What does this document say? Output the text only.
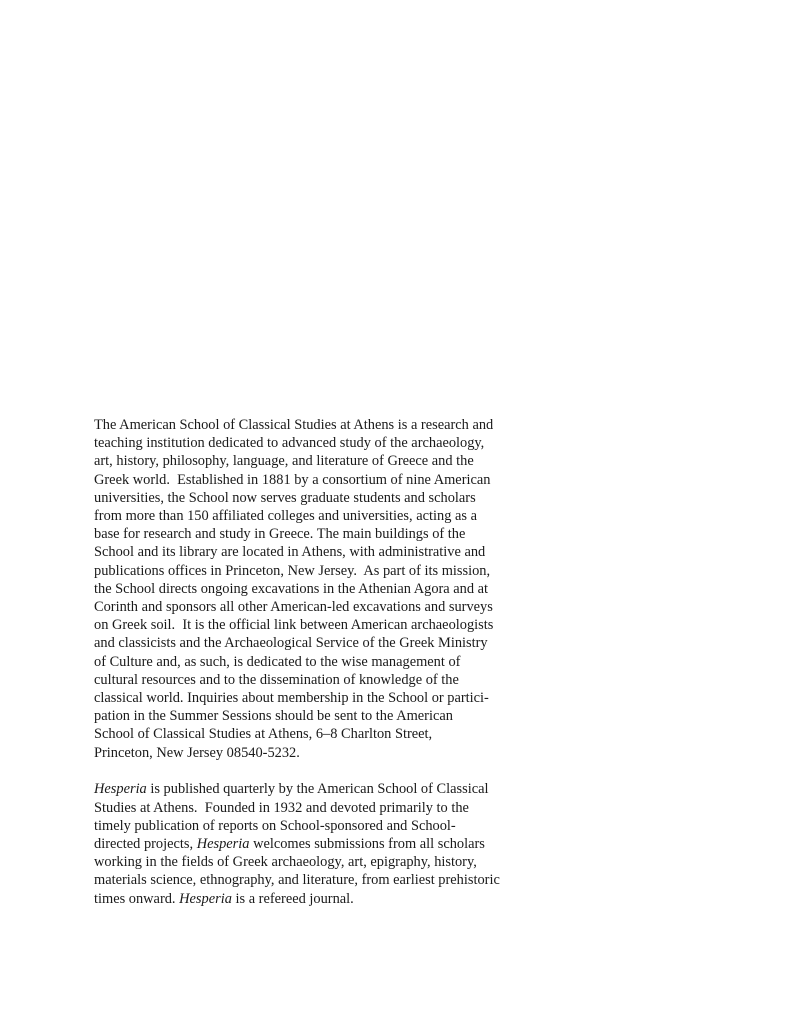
The American School of Classical Studies at Athens is a research and
teaching institution dedicated to advanced study of the archaeology,
art, history, philosophy, language, and literature of Greece and the
Greek world.  Established in 1881 by a consortium of nine American
universities, the School now serves graduate students and scholars
from more than 150 affiliated colleges and universities, acting as a
base for research and study in Greece. The main buildings of the
School and its library are located in Athens, with administrative and
publications offices in Princeton, New Jersey.  As part of its mission,
the School directs ongoing excavations in the Athenian Agora and at
Corinth and sponsors all other American-led excavations and surveys
on Greek soil.  It is the official link between American archaeologists
and classicists and the Archaeological Service of the Greek Ministry
of Culture and, as such, is dedicated to the wise management of
cultural resources and to the dissemination of knowledge of the
classical world. Inquiries about membership in the School or partici-
pation in the Summer Sessions should be sent to the American
School of Classical Studies at Athens, 6–8 Charlton Street,
Princeton, New Jersey 08540-5232.
Hesperia is published quarterly by the American School of Classical
Studies at Athens.  Founded in 1932 and devoted primarily to the
timely publication of reports on School-sponsored and School-
directed projects, Hesperia welcomes submissions from all scholars
working in the fields of Greek archaeology, art, epigraphy, history,
materials science, ethnography, and literature, from earliest prehistoric
times onward. Hesperia is a refereed journal.
